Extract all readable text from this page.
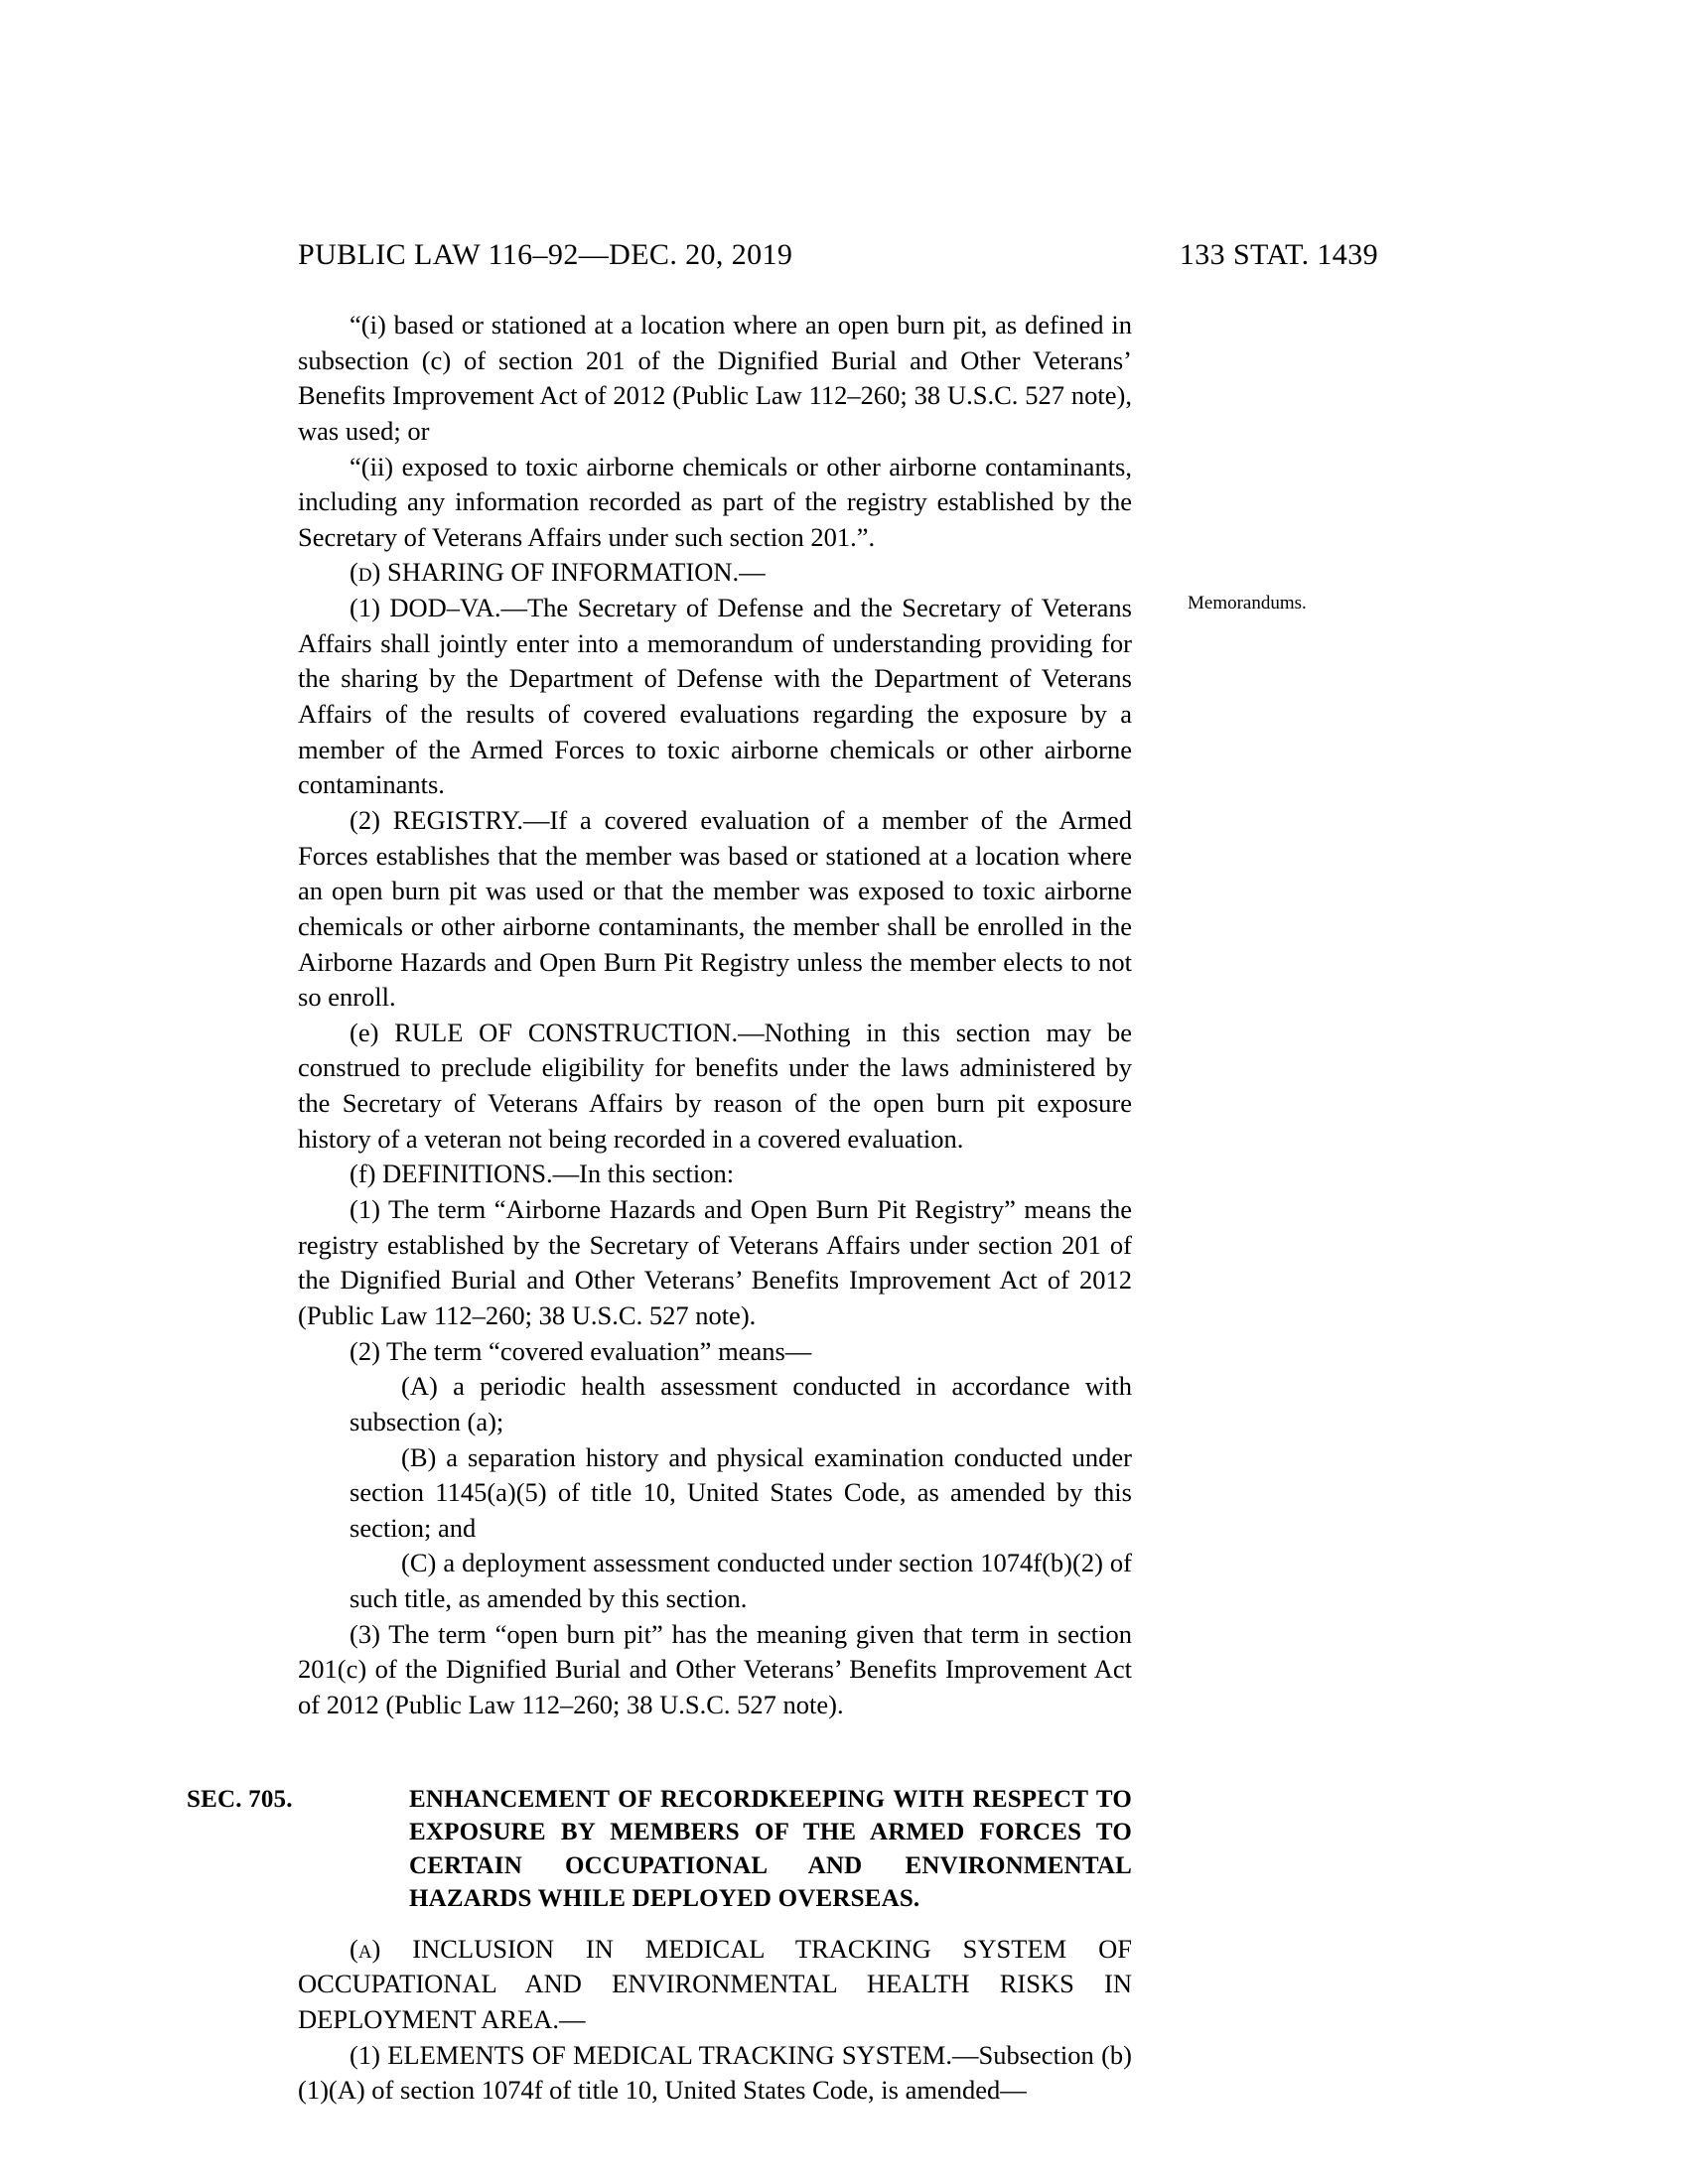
PUBLIC LAW 116–92—DEC. 20, 2019	133 STAT. 1439
Memorandums.

“(i) based or stationed at a location where an open burn pit, as defined in subsection (c) of section 201 of the Dignified Burial and Other Veterans’ Benefits Improvement Act of 2012 (Public Law 112–260; 38 U.S.C. 527 note), was used; or

“(ii) exposed to toxic airborne chemicals or other airborne contaminants, including any information recorded as part of the registry established by the Secretary of Veterans Affairs under such section 201.”.

(d) SHARING OF INFORMATION.—

(1) DOD–VA.—The Secretary of Defense and the Secretary of Veterans Affairs shall jointly enter into a memorandum of understanding providing for the sharing by the Department of Defense with the Department of Veterans Affairs of the results of covered evaluations regarding the exposure by a member of the Armed Forces to toxic airborne chemicals or other airborne contaminants.

(2) REGISTRY.—If a covered evaluation of a member of the Armed Forces establishes that the member was based or stationed at a location where an open burn pit was used or that the member was exposed to toxic airborne chemicals or other airborne contaminants, the member shall be enrolled in the Airborne Hazards and Open Burn Pit Registry unless the member elects to not so enroll.

(e) RULE OF CONSTRUCTION.—Nothing in this section may be construed to preclude eligibility for benefits under the laws administered by the Secretary of Veterans Affairs by reason of the open burn pit exposure history of a veteran not being recorded in a covered evaluation.

(f) DEFINITIONS.—In this section:

(1) The term “Airborne Hazards and Open Burn Pit Registry” means the registry established by the Secretary of Veterans Affairs under section 201 of the Dignified Burial and Other Veterans’ Benefits Improvement Act of 2012 (Public Law 112–260; 38 U.S.C. 527 note).

(2) The term “covered evaluation” means—

(A) a periodic health assessment conducted in accordance with subsection (a);

(B) a separation history and physical examination conducted under section 1145(a)(5) of title 10, United States Code, as amended by this section; and

(C) a deployment assessment conducted under section 1074f(b)(2) of such title, as amended by this section.

(3) The term “open burn pit” has the meaning given that term in section 201(c) of the Dignified Burial and Other Veterans’ Benefits Improvement Act of 2012 (Public Law 112–260; 38 U.S.C. 527 note).

SEC. 705.	ENHANCEMENT OF RECORDKEEPING WITH RESPECT TO EXPOSURE BY MEMBERS OF THE ARMED FORCES TO CERTAIN OCCUPATIONAL AND ENVIRONMENTAL HAZARDS WHILE DEPLOYED OVERSEAS.

(a) INCLUSION IN MEDICAL TRACKING SYSTEM OF OCCUPATIONAL AND ENVIRONMENTAL HEALTH RISKS IN DEPLOYMENT AREA.—

(1) ELEMENTS OF MEDICAL TRACKING SYSTEM.—Subsection (b)(1)(A) of section 1074f of title 10, United States Code, is amended—
